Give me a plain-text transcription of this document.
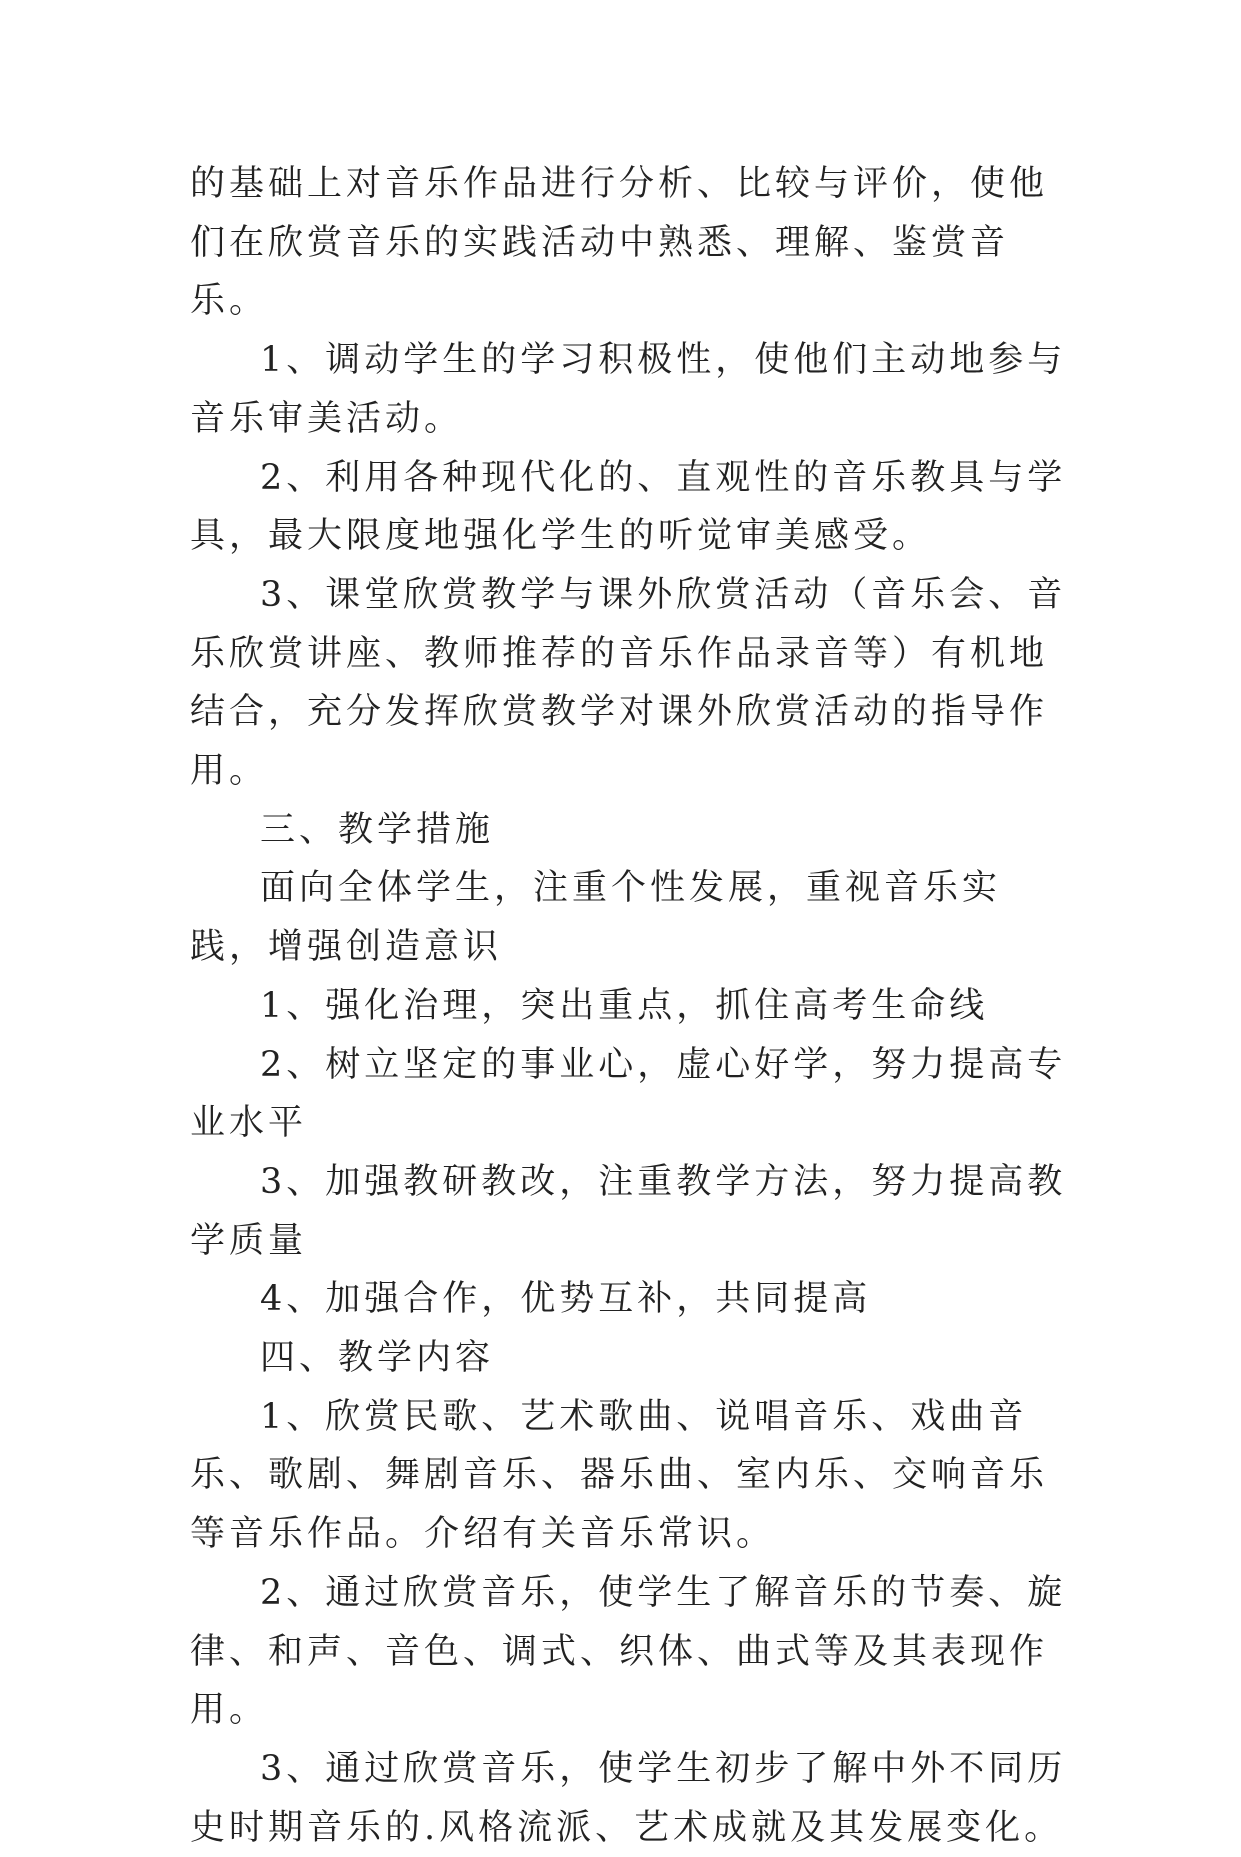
的基础上对音乐作品进行分析、比较与评价，使他们在欣赏音乐的实践活动中熟悉、理解、鉴赏音乐。

1、调动学生的学习积极性，使他们主动地参与音乐审美活动。

2、利用各种现代化的、直观性的音乐教具与学具，最大限度地强化学生的听觉审美感受。

3、课堂欣赏教学与课外欣赏活动（音乐会、音乐欣赏讲座、教师推荐的音乐作品录音等）有机地结合，充分发挥欣赏教学对课外欣赏活动的指导作用。

三、教学措施

面向全体学生，注重个性发展，重视音乐实践，增强创造意识

1、强化治理，突出重点，抓住高考生命线

2、树立坚定的事业心，虚心好学，努力提高专业水平

3、加强教研教改，注重教学方法，努力提高教学质量

4、加强合作，优势互补，共同提高

四、教学内容

1、欣赏民歌、艺术歌曲、说唱音乐、戏曲音乐、歌剧、舞剧音乐、器乐曲、室内乐、交响音乐等音乐作品。介绍有关音乐常识。

2、通过欣赏音乐，使学生了解音乐的节奏、旋律、和声、音色、调式、织体、曲式等及其表现作用。

3、通过欣赏音乐，使学生初步了解中外不同历史时期音乐的.风格流派、艺术成就及其发展变化。
